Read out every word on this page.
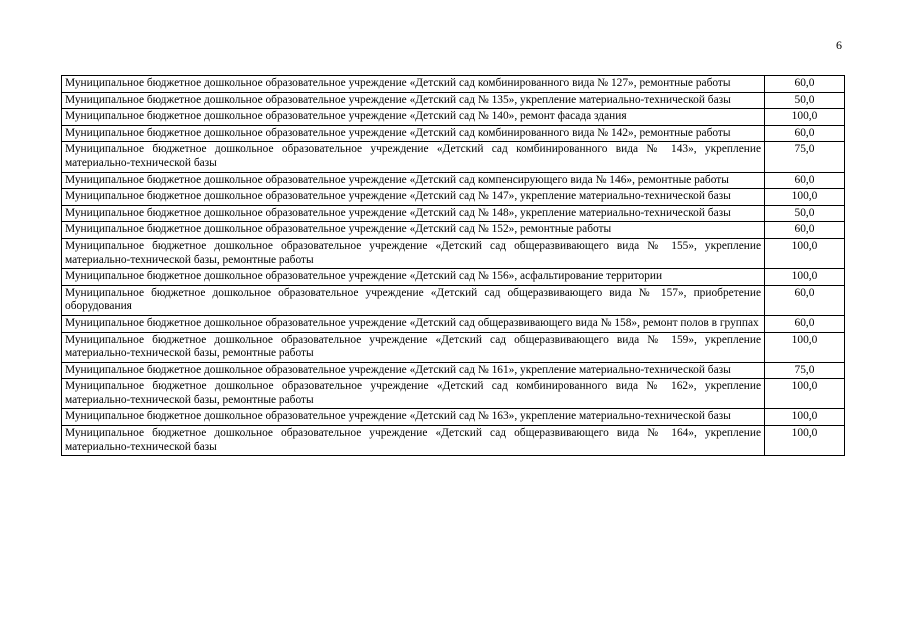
6
Муниципальное бюджетное дошкольное образовательное учреждение «Детский сад комбинированного вида № 127», ремонтные работы	60,0
Муниципальное бюджетное дошкольное образовательное учреждение «Детский сад № 135», укрепление материально-технической базы	50,0
Муниципальное бюджетное дошкольное образовательное учреждение «Детский сад № 140», ремонт фасада здания	100,0
Муниципальное бюджетное дошкольное образовательное учреждение «Детский сад комбинированного вида № 142», ремонтные работы	60,0
Муниципальное бюджетное дошкольное образовательное учреждение «Детский сад комбинированного вида № 143», укрепление материально-технической базы	75,0
Муниципальное бюджетное дошкольное образовательное учреждение «Детский сад компенсирующего вида № 146», ремонтные работы	60,0
Муниципальное бюджетное дошкольное образовательное учреждение «Детский сад № 147», укрепление материально-технической базы	100,0
Муниципальное бюджетное дошкольное образовательное учреждение «Детский сад № 148», укрепление материально-технической базы	50,0
Муниципальное бюджетное дошкольное образовательное учреждение «Детский сад № 152», ремонтные работы	60,0
Муниципальное бюджетное дошкольное образовательное учреждение «Детский сад общеразвивающего вида № 155», укрепление материально-технической базы, ремонтные работы	100,0
Муниципальное бюджетное дошкольное образовательное учреждение «Детский сад № 156», асфальтирование территории	100,0
Муниципальное бюджетное дошкольное образовательное учреждение «Детский сад общеразвивающего вида № 157», приобретение оборудования	60,0
Муниципальное бюджетное дошкольное образовательное учреждение «Детский сад общеразвивающего вида № 158», ремонт полов в группах	60,0
Муниципальное бюджетное дошкольное образовательное учреждение «Детский сад общеразвивающего вида № 159», укрепление материально-технической базы, ремонтные работы	100,0
Муниципальное бюджетное дошкольное образовательное учреждение «Детский сад № 161», укрепление материально-технической базы	75,0
Муниципальное бюджетное дошкольное образовательное учреждение «Детский сад комбинированного вида № 162», укрепление материально-технической базы, ремонтные работы	100,0
Муниципальное бюджетное дошкольное образовательное учреждение «Детский сад № 163», укрепление материально-технической базы	100,0
Муниципальное бюджетное дошкольное образовательное учреждение «Детский сад общеразвивающего вида № 164», укрепление материально-технической базы	100,0
